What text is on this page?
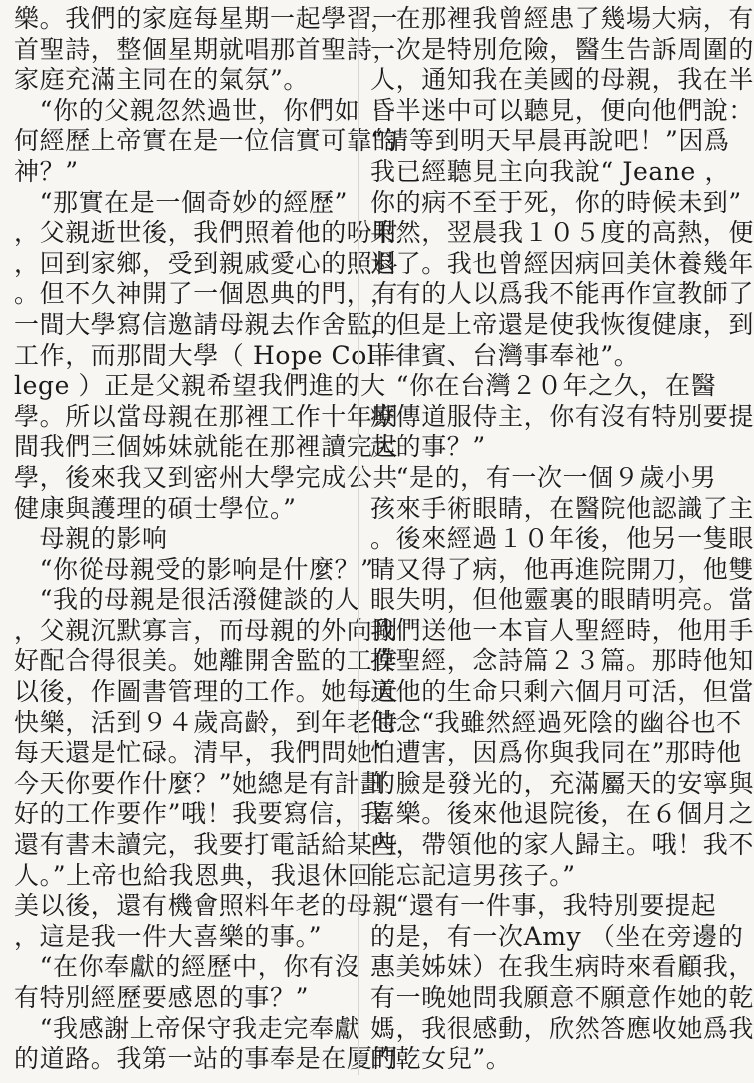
樂。我們的家庭每星期一起學習一
首聖詩，整個星期就唱那首聖詩，
家庭充滿主同在的氣氛”。
　“你的父親忽然過世，你們如
何經歷上帝實在是一位信實可靠的
神？”
　“那實在是一個奇妙的經歷”
，父親逝世後，我們照着他的吩咐
，回到家鄉，受到親戚愛心的照料
。但不久神開了一個恩典的門，有
一間大學寫信邀請母親去作舍監的
工作，而那間大學（ Hope Col－
lege ）正是父親希望我們進的大
學。所以當母親在那裡工作十年期
間我們三個姊妹就能在那裡讀完大
學，後來我又到密州大學完成公共
健康與護理的碩士學位。”
　母親的影响
　“你從母親受的影响是什麼？”
　“我的母親是很活潑健談的人
，父親沉默寡言，而母親的外向剛
好配合得很美。她離開舍監的工作
以後，作圖書管理的工作。她每天
快樂，活到９４歲高齡，到年老時
每天還是忙碌。清早，我們問她“
今天你要作什麼？”她總是有計劃
好的工作要作”哦！我要寫信，我
還有書未讀完，我要打電話給某些
人。”上帝也給我恩典，我退休回
美以後，還有機會照料年老的母親
，這是我一件大喜樂的事。”
　“在你奉獻的經歷中，你有沒
有特別經歷要感恩的事？”
　“我感謝上帝保守我走完奉獻
的道路。我第一站的事奉是在厦門
，在那裡我曾經患了幾場大病，有
一次是特別危險，醫生告訴周圍的
人，通知我在美國的母親，我在半
昏半迷中可以聽見，便向他們說：
“請等到明天早晨再說吧！”因爲
我已經聽見主向我說“ Jeane ，
你的病不至于死，你的時候未到”
果然，翌晨我１０５度的高熱，便
退了。我也曾經因病回美休養幾年
，有的人以爲我不能再作宣教師了
，但是上帝還是使我恢復健康，到
菲律賓、台灣事奉祂”。
　“你在台灣２０年之久，在醫
療傳道服侍主，你有沒有特別要提
起的事？”
　“是的，有一次一個９歲小男
孩來手術眼睛，在醫院他認識了主
。後來經過１０年後，他另一隻眼
睛又得了病，他再進院開刀，他雙
眼失明，但他靈裏的眼睛明亮。當
我們送他一本盲人聖經時，他用手
摸聖經，念詩篇２３篇。那時他知
道他的生命只剩六個月可活，但當
他念“我雖然經過死陰的幽谷也不
怕遭害，因爲你與我同在”那時他
的臉是發光的，充滿屬天的安寧與
喜樂。後來他退院後，在６個月之
內，帶領他的家人歸主。哦！我不
能忘記這男孩子。”
　“還有一件事，我特別要提起
的是，有一次Amy （坐在旁邊的
惠美姊妹）在我生病時來看顧我，
有一晚她問我願意不願意作她的乾
媽，我很感動，欣然答應收她爲我
的乾女兒”。
